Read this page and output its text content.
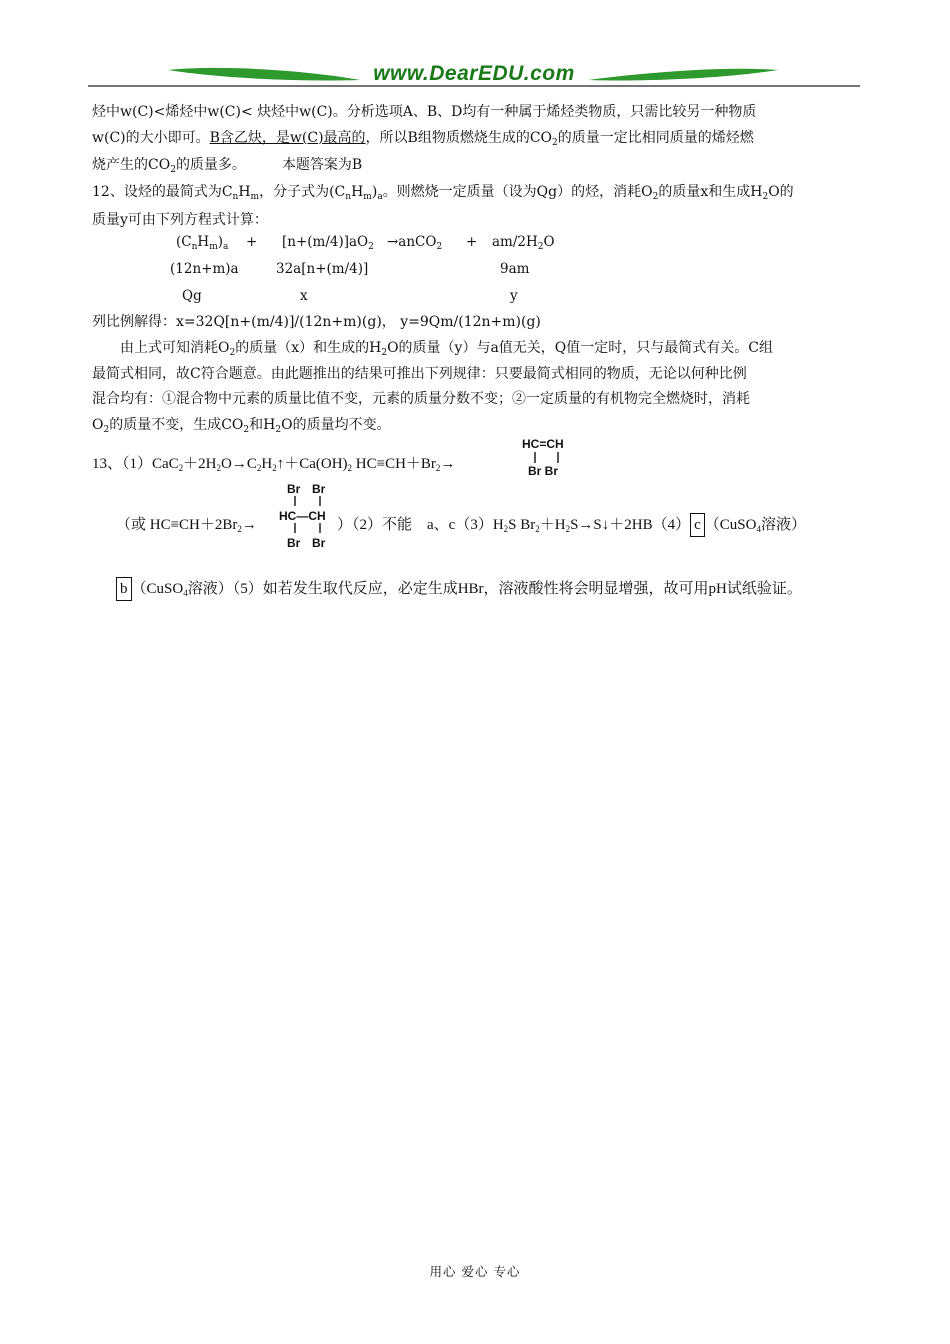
www.DearEDU.com
烃中w(C)<烯烃中w(C)< 炔烃中w(C)。分析选项A、B、D均有一种属于烯烃类物质，只需比较另一种物质
w(C)的大小即可。B含乙炔，是w(C)最高的，所以B组物质燃烧生成的$CO_2$的质量一定比相同质量的烯烃燃
烧产生的$CO_2$的质量多。	本题答案为B
12、设烃的最简式为$C_nH_m$，分子式为$(C_nH_m)_a$。则燃烧一定质量（设为Qg）的烃，消耗$O_2$的质量x和生成$H_2O$的
质量y可由下列方程式计算：
$(C_nH_m)_a + [n+(m/4)]aO_2$ →anCO$_2$ + $am/2H_2O$
(12n+m)a	32a[n+(m/4)]	9am
Qg	x	y
列比例解得：x=32Q[n+(m/4)]/(12n+m)(g)， y=9Qm/(12n+m)(g)
由上式可知消耗$O_2$的质量（x）和生成的$H_2O$的质量（y）与a值无关，Q值一定时，只与最简式有关。C组
最简式相同，故C符合题意。由此题推出的结果可推出下列规律：只要最简式相同的物质，无论以何种比例
混合均有：①混合物中元素的质量比值不变，元素的质量分数不变；②一定质量的有机物完全燃烧时，消耗
$O_2$的质量不变，生成$CO_2$和$H_2O$的质量均不变。
13、$(1)CaC_2+2H_2O\to C_2H_2↑+Ca(OH)_2$ $HC\equiv CH+Br_2\to$
HC=CH
Br Br
（或 $HC\equiv CH+2Br_2\to$
Br Br
HC—CH
Br Br
）（2）不能　a、$c(3)H_2S$ $Br_2+H_2S\to S↓+2HB(4)$ c （CuSO$_4$溶液）
b （CuSO$_4$溶液）（5）如若发生取代反应，必定生成HBr，溶液酸性将会明显增强，故可用pH试纸验证。
用心 爱心 专心
